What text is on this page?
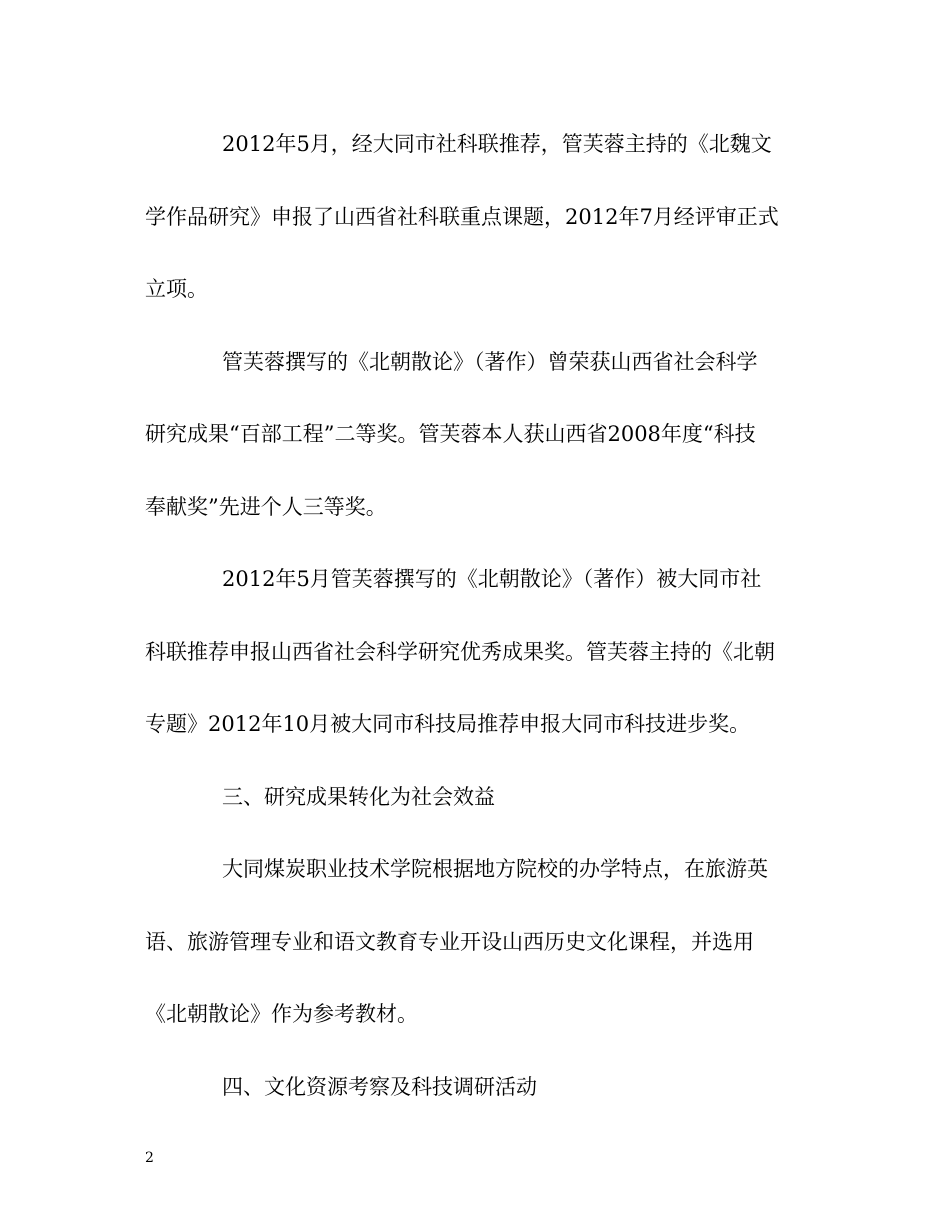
2012年5月，经大同市社科联推荐，管芙蓉主持的《北魏文
学作品研究》申报了山西省社科联重点课题，2012年7月经评审正式
立项。
管芙蓉撰写的《北朝散论》（著作）曾荣获山西省社会科学
研究成果“百部工程”二等奖。管芙蓉本人获山西省2008年度“科技
奉献奖”先进个人三等奖。
2012年5月管芙蓉撰写的《北朝散论》（著作）被大同市社
科联推荐申报山西省社会科学研究优秀成果奖。管芙蓉主持的《北朝
专题》2012年10月被大同市科技局推荐申报大同市科技进步奖。
三、研究成果转化为社会效益
大同煤炭职业技术学院根据地方院校的办学特点，在旅游英
语、旅游管理专业和语文教育专业开设山西历史文化课程，并选用
《北朝散论》作为参考教材。
四、文化资源考察及科技调研活动
2
